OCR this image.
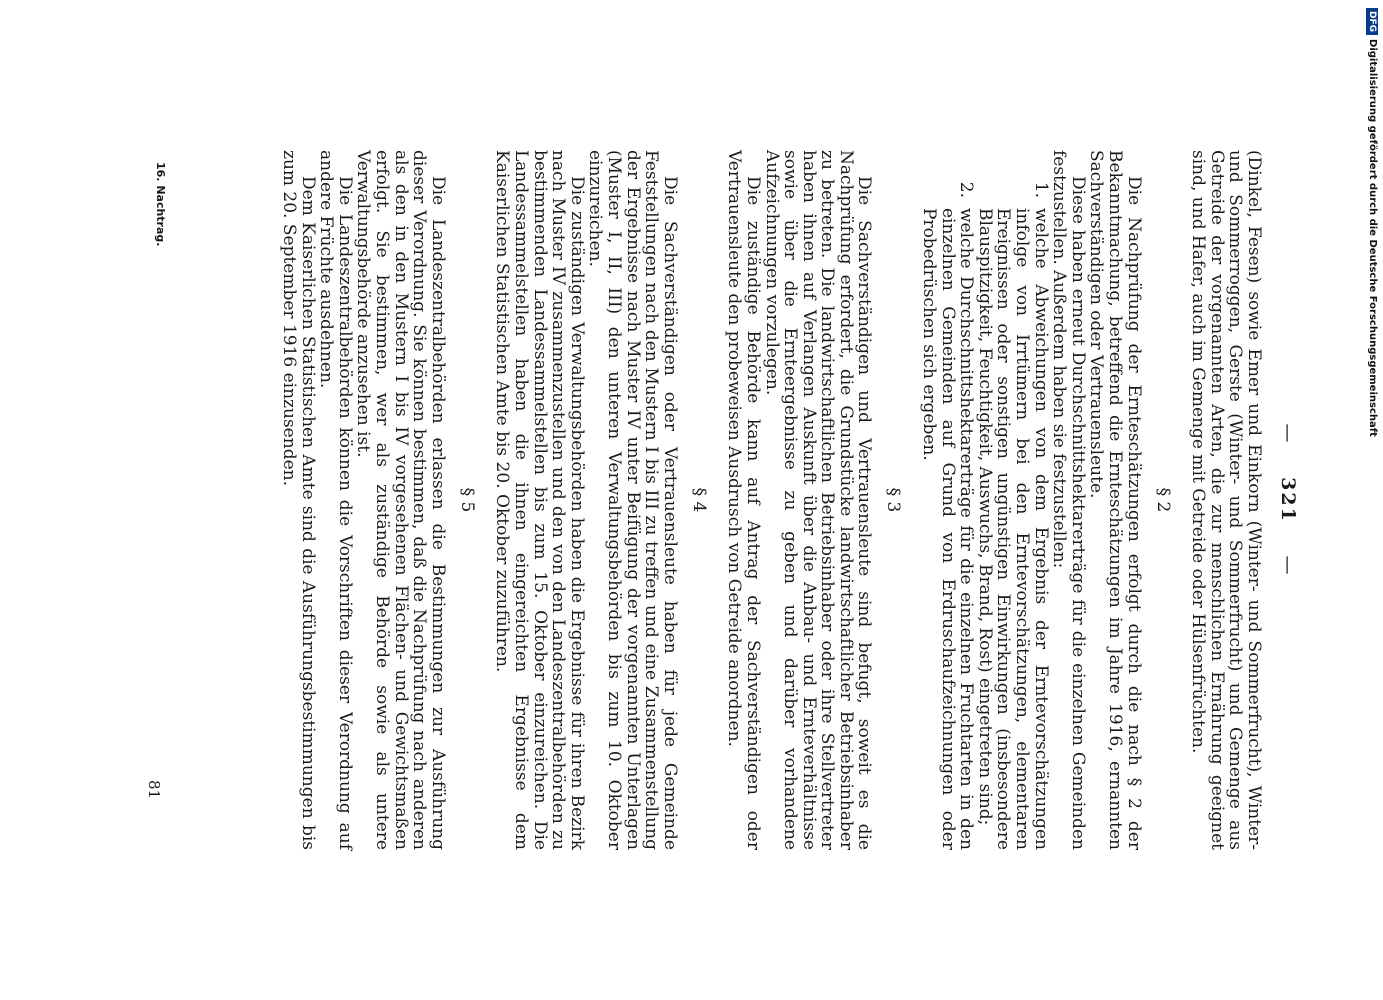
— 321 —

(Dinkel, Fesen) sowie Emer und Einkorn (Winter- und Sommerfrucht), Winter- und Sommerroggen, Gerste (Winter- und Sommerfrucht) und Gemenge aus Getreide der vorgenannten Arten, die zur menschlichen Ernährung geeignet sind, und Hafer, auch im Gemenge mit Getreide oder Hülsenfrüchten.

§ 2

Die Nachprüfung der Ernteschätzungen erfolgt durch die nach § 2 der Bekanntmachung, betreffend die Ernteschätzungen im Jahre 1916, ernannten Sachverständigen oder Vertrauensleute.

Diese haben erneut Durchschnittshektarerträge für die einzelnen Gemeinden festzustellen. Außerdem haben sie festzustellen:

1.
welche Abweichungen von dem Ergebnis der Erntevorschätzungen infolge von Irrtümern bei den Erntevorschätzungen, elementaren Ereignissen oder sonstigen ungünstigen Einwirkungen (insbesondere Blauspitzigkeit, Feuchtigkeit, Auswuchs, Brand, Rost) eingetreten sind;
2.
welche Durchschnittshektarerträge für die einzelnen Fruchtarten in den einzelnen Gemeinden auf Grund von Erdruschaufzeichnungen oder Probedrüschen sich ergeben.
§ 3

Die Sachverständigen und Vertrauensleute sind befugt, soweit es die Nachprüfung erfordert, die Grundstücke landwirtschaftlicher Betriebsinhaber zu betreten. Die landwirtschaftlichen Betriebsinhaber oder ihre Stellvertreter haben ihnen auf Verlangen Auskunft über die Anbau- und Ernteverhältnisse sowie über die Ernteergebnisse zu geben und darüber vorhandene Aufzeichnungen vorzulegen.

Die zuständige Behörde kann auf Antrag der Sachverständigen oder Vertrauensleute den probeweisen Ausdrusch von Getreide anordnen.

§ 4

Die Sachverständigen oder Vertrauensleute haben für jede Gemeinde Feststellungen nach den Mustern I bis III zu treffen und eine Zusammenstellung der Ergebnisse nach Muster IV unter Beifügung der vorgenannten Unterlagen (Muster I, II, III) den unteren Verwaltungsbehörden bis zum 10. Oktober einzureichen.

Die zuständigen Verwaltungsbehörden haben die Ergebnisse für ihren Bezirk nach Muster IV zusammenzustellen und den von den Landeszentralbehörden zu bestimmenden Landessammelstellen bis zum 15. Oktober einzureichen. Die Landessammelstellen haben die ihnen eingereichten Ergebnisse dem Kaiserlichen Statistischen Amte bis 20. Oktober zuzuführen.

§ 5

Die Landeszentralbehörden erlassen die Bestimmungen zur Ausführung dieser Verordnung. Sie können bestimmen, daß die Nachprüfung nach anderen als den in den Mustern I bis IV vorgesehenen Flächen- und Gewichtsmaßen erfolgt. Sie bestimmen, wer als zuständige Behörde sowie als untere Verwaltungsbehörde anzusehen ist.

Die Landeszentralbehörden können die Vorschriften dieser Verordnung auf andere Früchte ausdehnen.

Dem Kaiserlichen Statistischen Amte sind die Ausführungsbestimmungen bis zum 20. September 1916 einzusenden.

16. Nachtrag.
81
DFGDigitalisierung gefördert durch die Deutsche Forschungsgemeinschaft
